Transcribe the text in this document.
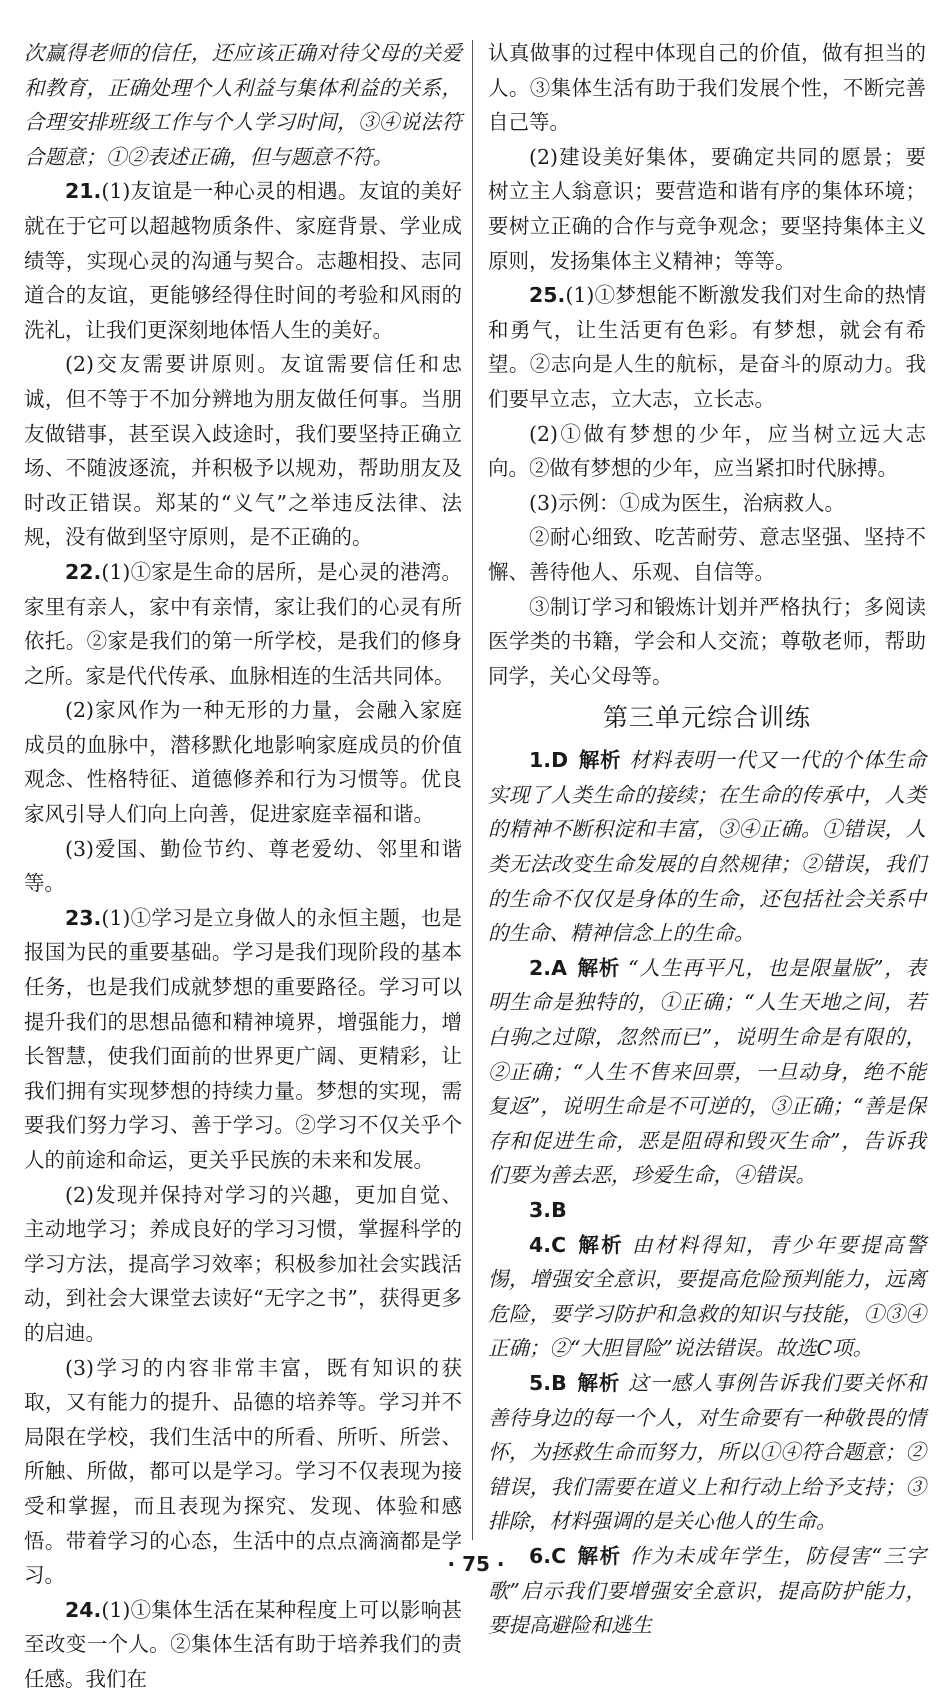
次赢得老师的信任，还应该正确对待父母的关爱和教育，正确处理个人利益与集体利益的关系，合理安排班级工作与个人学习时间，③④说法符合题意；①②表述正确，但与题意不符。

21.(1)友谊是一种心灵的相遇。友谊的美好就在于它可以超越物质条件、家庭背景、学业成绩等，实现心灵的沟通与契合。志趣相投、志同道合的友谊，更能够经得住时间的考验和风雨的洗礼，让我们更深刻地体悟人生的美好。

(2)交友需要讲原则。友谊需要信任和忠诚，但不等于不加分辨地为朋友做任何事。当朋友做错事，甚至误入歧途时，我们要坚持正确立场、不随波逐流，并积极予以规劝，帮助朋友及时改正错误。郑某的“义气”之举违反法律、法规，没有做到坚守原则，是不正确的。

22.(1)①家是生命的居所，是心灵的港湾。家里有亲人，家中有亲情，家让我们的心灵有所依托。②家是我们的第一所学校，是我们的修身之所。家是代代传承、血脉相连的生活共同体。

(2)家风作为一种无形的力量，会融入家庭成员的血脉中，潜移默化地影响家庭成员的价值观念、性格特征、道德修养和行为习惯等。优良家风引导人们向上向善，促进家庭幸福和谐。

(3)爱国、勤俭节约、尊老爱幼、邻里和谐等。

23.(1)①学习是立身做人的永恒主题，也是报国为民的重要基础。学习是我们现阶段的基本任务，也是我们成就梦想的重要路径。学习可以提升我们的思想品德和精神境界，增强能力，增长智慧，使我们面前的世界更广阔、更精彩，让我们拥有实现梦想的持续力量。梦想的实现，需要我们努力学习、善于学习。②学习不仅关乎个人的前途和命运，更关乎民族的未来和发展。

(2)发现并保持对学习的兴趣，更加自觉、主动地学习；养成良好的学习习惯，掌握科学的学习方法，提高学习效率；积极参加社会实践活动，到社会大课堂去读好“无字之书”，获得更多的启迪。

(3)学习的内容非常丰富，既有知识的获取，又有能力的提升、品德的培养等。学习并不局限在学校，我们生活中的所看、所听、所尝、所触、所做，都可以是学习。学习不仅表现为接受和掌握，而且表现为探究、发现、体验和感悟。带着学习的心态，生活中的点点滴滴都是学习。

24.(1)①集体生活在某种程度上可以影响甚至改变一个人。②集体生活有助于培养我们的责任感。我们在

认真做事的过程中体现自己的价值，做有担当的人。③集体生活有助于我们发展个性，不断完善自己等。

(2)建设美好集体，要确定共同的愿景；要树立主人翁意识；要营造和谐有序的集体环境；要树立正确的合作与竞争观念；要坚持集体主义原则，发扬集体主义精神；等等。

25.(1)①梦想能不断激发我们对生命的热情和勇气，让生活更有色彩。有梦想，就会有希望。②志向是人生的航标，是奋斗的原动力。我们要早立志，立大志，立长志。

(2)①做有梦想的少年，应当树立远大志向。②做有梦想的少年，应当紧扣时代脉搏。

(3)示例：①成为医生，治病救人。

②耐心细致、吃苦耐劳、意志坚强、坚持不懈、善待他人、乐观、自信等。

③制订学习和锻炼计划并严格执行；多阅读医学类的书籍，学会和人交流；尊敬老师，帮助同学，关心父母等。

第三单元综合训练

1.D 解析 材料表明一代又一代的个体生命实现了人类生命的接续；在生命的传承中，人类的精神不断积淀和丰富，③④正确。①错误，人类无法改变生命发展的自然规律；②错误，我们的生命不仅仅是身体的生命，还包括社会关系中的生命、精神信念上的生命。

2.A 解析 “人生再平凡，也是限量版”，表明生命是独特的，①正确；“人生天地之间，若白驹之过隙，忽然而已”，说明生命是有限的，②正确；“人生不售来回票，一旦动身，绝不能复返”，说明生命是不可逆的，③正确；“善是保存和促进生命，恶是阻碍和毁灭生命”，告诉我们要为善去恶，珍爱生命，④错误。

3.B

4.C 解析 由材料得知，青少年要提高警惕，增强安全意识，要提高危险预判能力，远离危险，要学习防护和急救的知识与技能，①③④正确；②“大胆冒险”说法错误。故选C项。

5.B 解析 这一感人事例告诉我们要关怀和善待身边的每一个人，对生命要有一种敬畏的情怀，为拯救生命而努力，所以①④符合题意；②错误，我们需要在道义上和行动上给予支持；③排除，材料强调的是关心他人的生命。

6.C 解析 作为未成年学生，防侵害“三字歌”启示我们要增强安全意识，提高防护能力，要提高避险和逃生

· 75 ·
